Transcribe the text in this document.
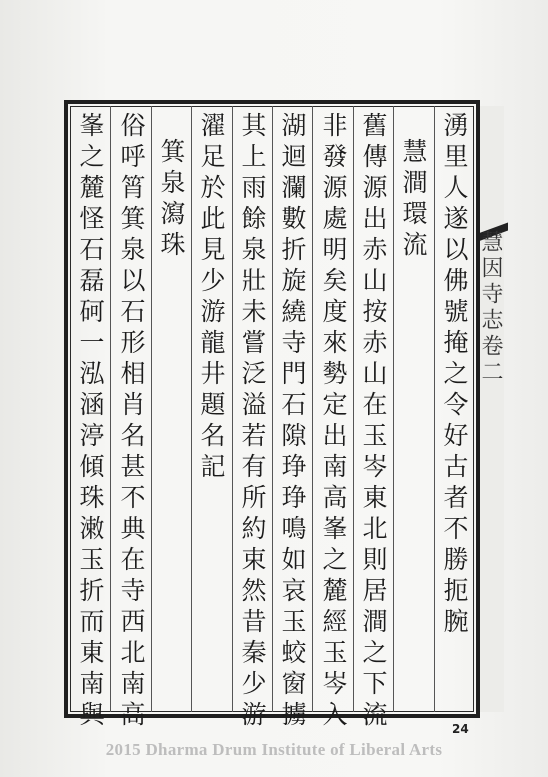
慧因寺志卷二
湧里人遂以佛號掩之令好古者不勝扼腕
慧澗環流
舊傳源出赤山按赤山在玉岑東北則居澗之下流
非發源處明矣度來勢定出南高峯之麓經玉岑入
湖迴瀾數折旋繞寺門石隙琤琤鳴如哀玉蛟窗擄
其上雨餘泉壯未嘗泛溢若有所約束然昔秦少游
濯足於此見少游龍井題名記
箕泉瀉珠
俗呼筲箕泉以石形相肖名甚不典在寺西北南高
峯之麓怪石磊砢一泓涵渟傾珠潄玉折而東南與	24
2015 Dharma Drum Institute of Liberal Arts
